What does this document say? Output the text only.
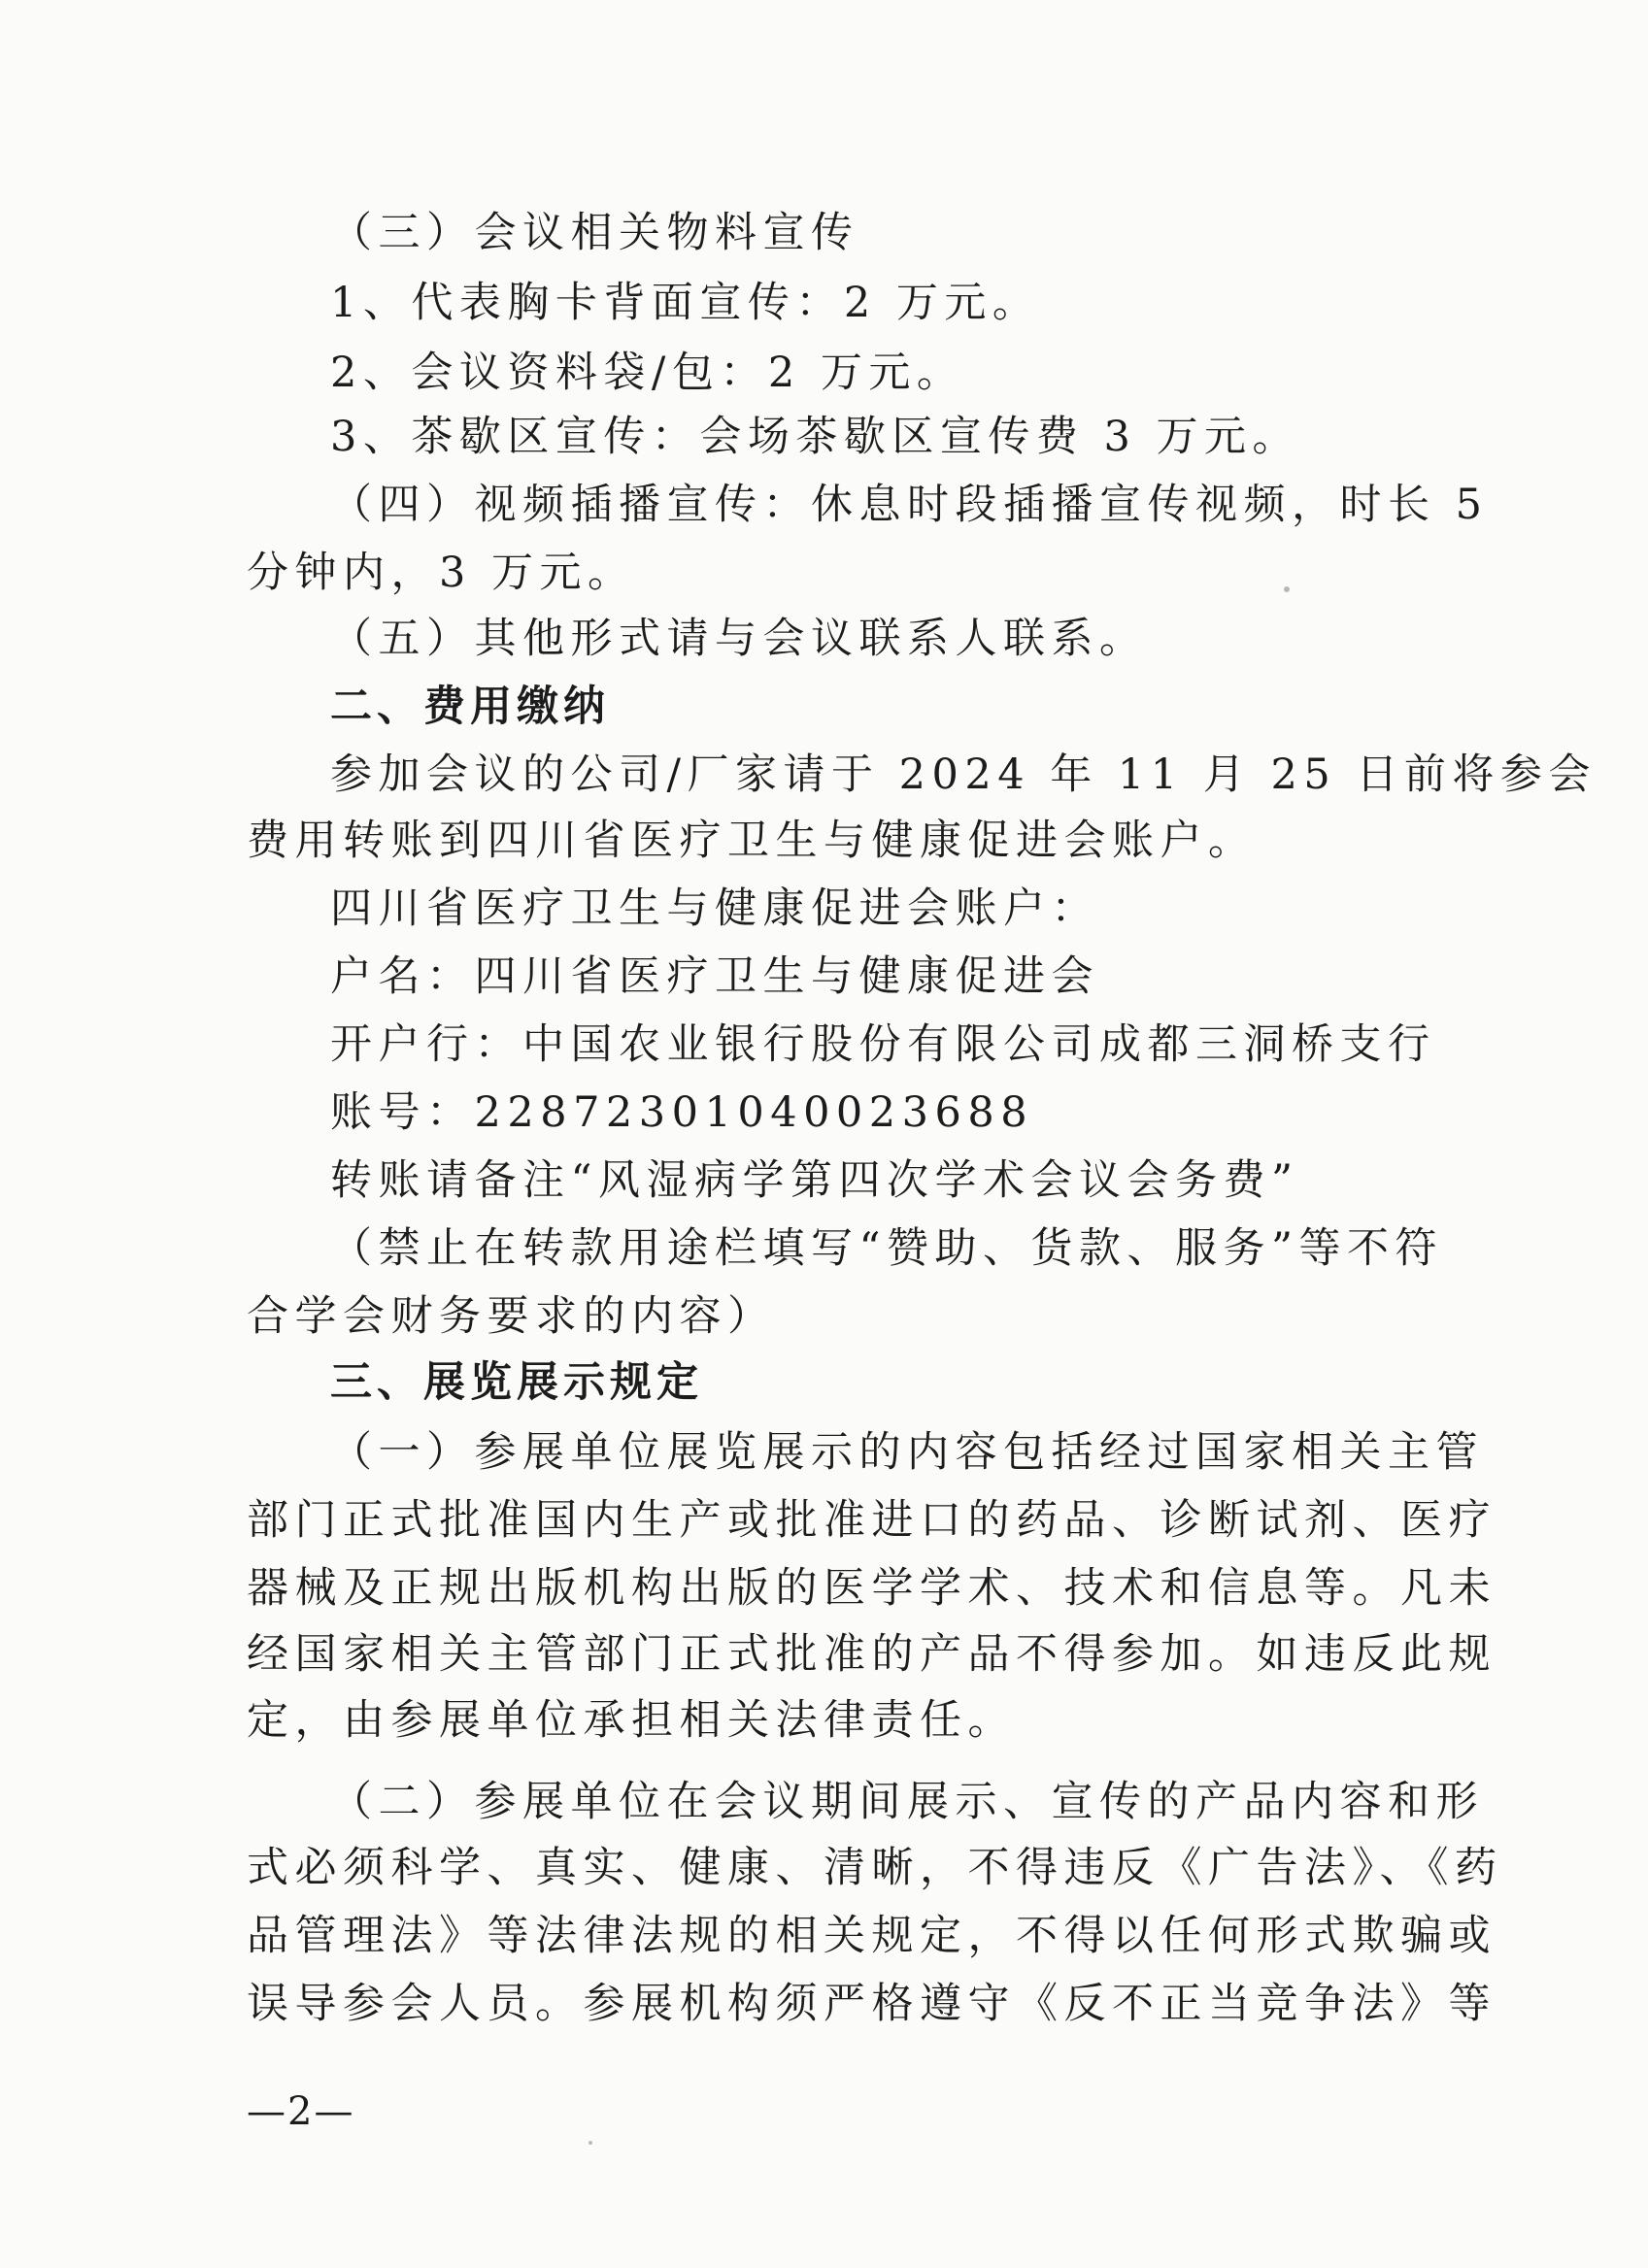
（三）会议相关物料宣传
1、代表胸卡背面宣传：2 万元。
2、会议资料袋/包：2 万元。
3、茶歇区宣传：会场茶歇区宣传费 3 万元。
（四）视频插播宣传：休息时段插播宣传视频，时长 5
分钟内，3 万元。
（五）其他形式请与会议联系人联系。
二、费用缴纳
参加会议的公司/厂家请于 2024 年 11 月 25 日前将参会
费用转账到四川省医疗卫生与健康促进会账户。
四川省医疗卫生与健康促进会账户：
户名：四川省医疗卫生与健康促进会
开户行：中国农业银行股份有限公司成都三洞桥支行
账号：22872301040023688
转账请备注“风湿病学第四次学术会议会务费”
（禁止在转款用途栏填写“赞助、货款、服务”等不符
合学会财务要求的内容）
三、展览展示规定
（一）参展单位展览展示的内容包括经过国家相关主管
部门正式批准国内生产或批准进口的药品、诊断试剂、医疗
器械及正规出版机构出版的医学学术、技术和信息等。凡未
经国家相关主管部门正式批准的产品不得参加。如违反此规
定，由参展单位承担相关法律责任。
（二）参展单位在会议期间展示、宣传的产品内容和形
式必须科学、真实、健康、清晰，不得违反《广告法》、《药
品管理法》等法律法规的相关规定，不得以任何形式欺骗或
误导参会人员。参展机构须严格遵守《反不正当竞争法》等
—2—
